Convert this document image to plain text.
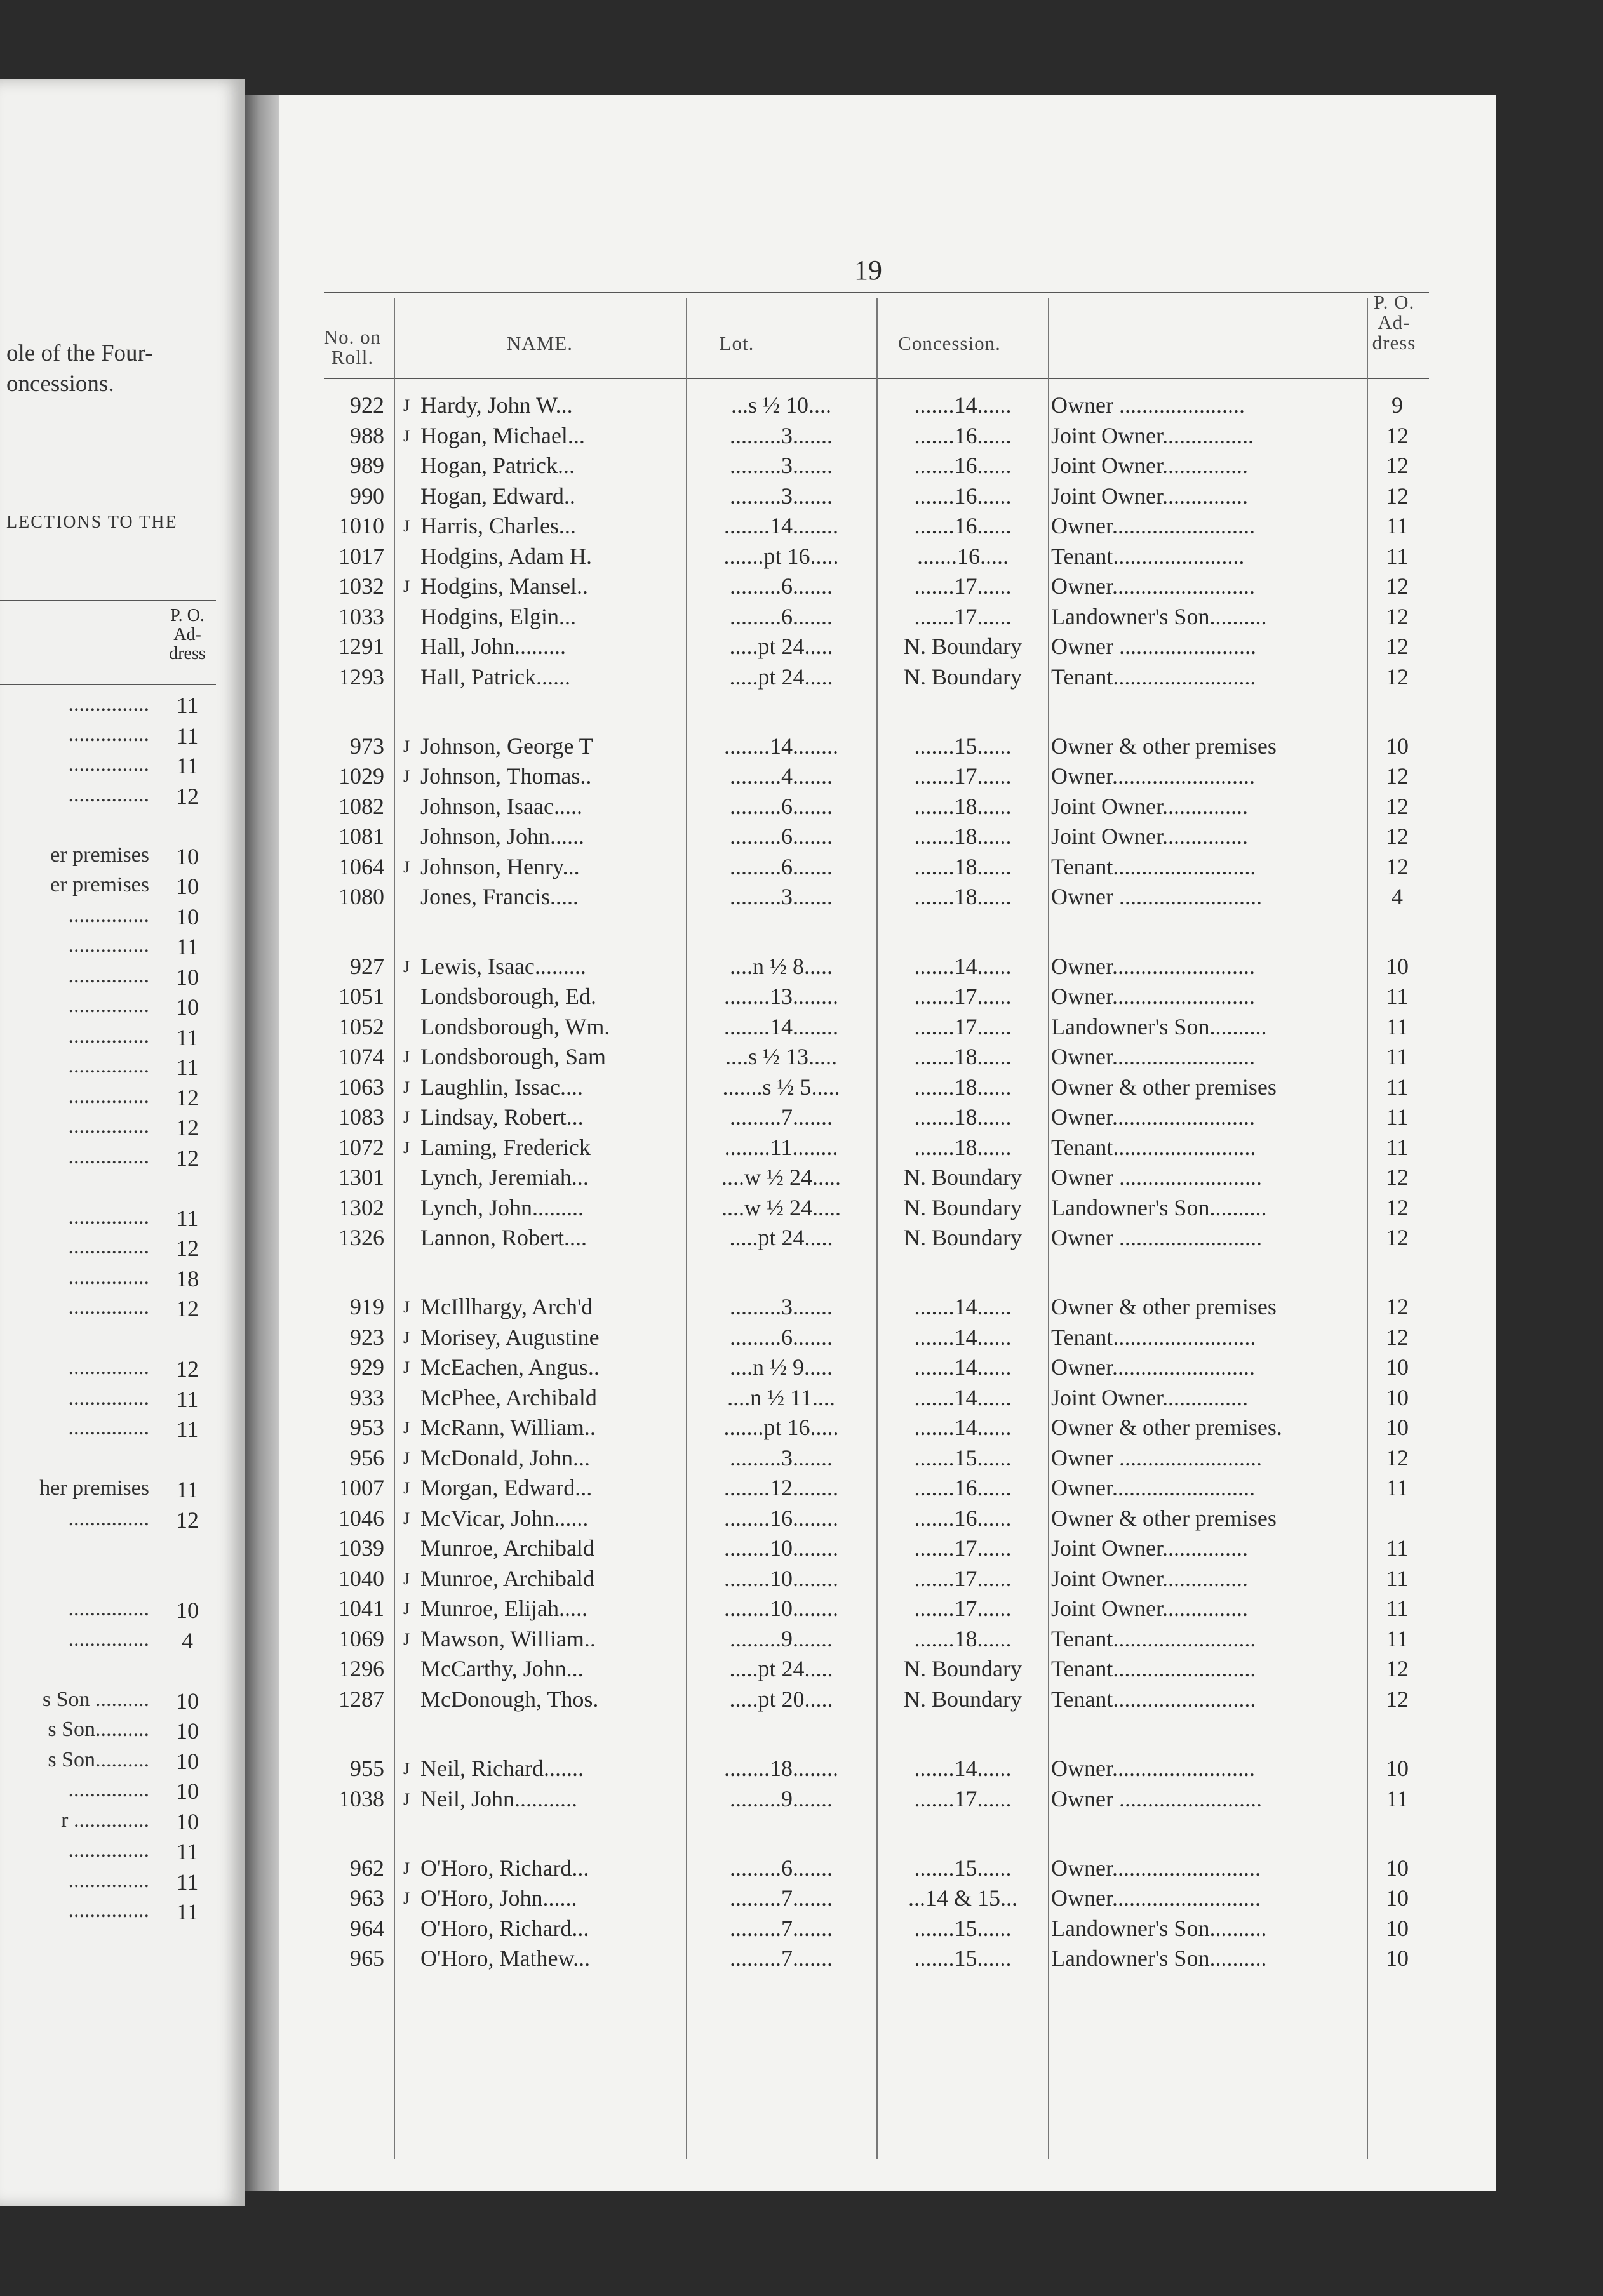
ole of the Four-
oncessions.
LECTIONS TO THE
P. O.
Ad-
dress
...............	11
...............	11
...............	11
...............	12
er premises	10
er premises	10
...............	10
...............	11
...............	10
...............	10
...............	11
...............	11
...............	12
...............	12
...............	12
...............	11
...............	12
...............	18
...............	12
...............	12
...............	11
...............	11
her premises	11
...............	12
...............	10
...............	4
s Son ..........	10
s Son..........	10
s Son..........	10
...............	10
r ..............	10
...............	11
...............	11
...............	11
19
No. on
Roll.
NAME.	Lot.	Concession.
P. O.
Ad-
dress
922	J Hardy, John W...	...s ½ 10....	.......14......	Owner ......................	9
988	J Hogan, Michael...	.........3.......	.......16......	Joint Owner................	12
989 Hogan, Patrick...	.........3.......	.......16......	Joint Owner...............	12
990 Hogan, Edward..	.........3.......	.......16......	Joint Owner...............	12
1010	J Harris, Charles...	........14........	.......16......	Owner.........................	11
1017 Hodgins, Adam H.	.......pt 16.....	.......16.....	Tenant.......................	11
1032	J Hodgins, Mansel..	.........6.......	.......17......	Owner.........................	12
1033 Hodgins, Elgin...	.........6.......	.......17......	Landowner's Son..........	12
1291 Hall, John.........	.....pt 24.....	N. Boundary	Owner ........................	12
1293 Hall, Patrick......	.....pt 24.....	N. Boundary	Tenant.........................	12
973	J Johnson, George T	........14........	.......15......	Owner & other premises	10
1029	J Johnson, Thomas..	.........4.......	.......17......	Owner.........................	12
1082 Johnson, Isaac.....	.........6.......	.......18......	Joint Owner...............	12
1081 Johnson, John......	.........6.......	.......18......	Joint Owner...............	12
1064	J Johnson, Henry...	.........6.......	.......18......	Tenant.........................	12
1080 Jones, Francis.....	.........3.......	.......18......	Owner .........................	4
927	J Lewis, Isaac.........	....n ½ 8.....	.......14......	Owner.........................	10
1051 Londsborough, Ed.	........13........	.......17......	Owner.........................	11
1052 Londsborough, Wm.	........14........	.......17......	Landowner's Son..........	11
1074	J Londsborough, Sam	....s ½ 13.....	.......18......	Owner.........................	11
1063	J Laughlin, Issac....	.......s ½ 5.....	.......18......	Owner & other premises	11
1083	J Lindsay, Robert...	.........7.......	.......18......	Owner.........................	11
1072	J Laming, Frederick	........11........	.......18......	Tenant.........................	11
1301 Lynch, Jeremiah...	....w ½ 24.....	N. Boundary	Owner .........................	12
1302 Lynch, John.........	....w ½ 24.....	N. Boundary	Landowner's Son..........	12
1326 Lannon, Robert....	.....pt 24.....	N. Boundary	Owner .........................	12
919	J McIllhargy, Arch'd	.........3.......	.......14......	Owner & other premises	12
923	J Morisey, Augustine	.........6.......	.......14......	Tenant.........................	12
929	J McEachen, Angus..	....n ½ 9.....	.......14......	Owner.........................	10
933 McPhee, Archibald	....n ½ 11....	.......14......	Joint Owner...............	10
953	J McRann, William..	.......pt 16.....	.......14......	Owner & other premises.	10
956	J McDonald, John...	.........3.......	.......15......	Owner .........................	12
1007	J Morgan, Edward...	........12........	.......16......	Owner.........................	11
1046	J McVicar, John......	........16........	.......16......	Owner & other premises
1039 Munroe, Archibald	........10........	.......17......	Joint Owner...............	11
1040	J Munroe, Archibald	........10........	.......17......	Joint Owner...............	11
1041	J Munroe, Elijah.....	........10........	.......17......	Joint Owner...............	11
1069	J Mawson, William..	.........9.......	.......18......	Tenant.........................	11
1296 McCarthy, John...	.....pt 24.....	N. Boundary	Tenant.........................	12
1287 McDonough, Thos.	.....pt 20.....	N. Boundary	Tenant.........................	12
955	J Neil, Richard.......	........18........	.......14......	Owner.........................	10
1038	J Neil, John...........	.........9.......	.......17......	Owner .........................	11
962	J O'Horo, Richard...	.........6.......	.......15......	Owner..........................	10
963	J O'Horo, John......	.........7.......	...14 & 15...	Owner..........................	10
964 O'Horo, Richard...	.........7.......	.......15......	Landowner's Son..........	10
965 O'Horo, Mathew...	.........7.......	.......15......	Landowner's Son..........	10
